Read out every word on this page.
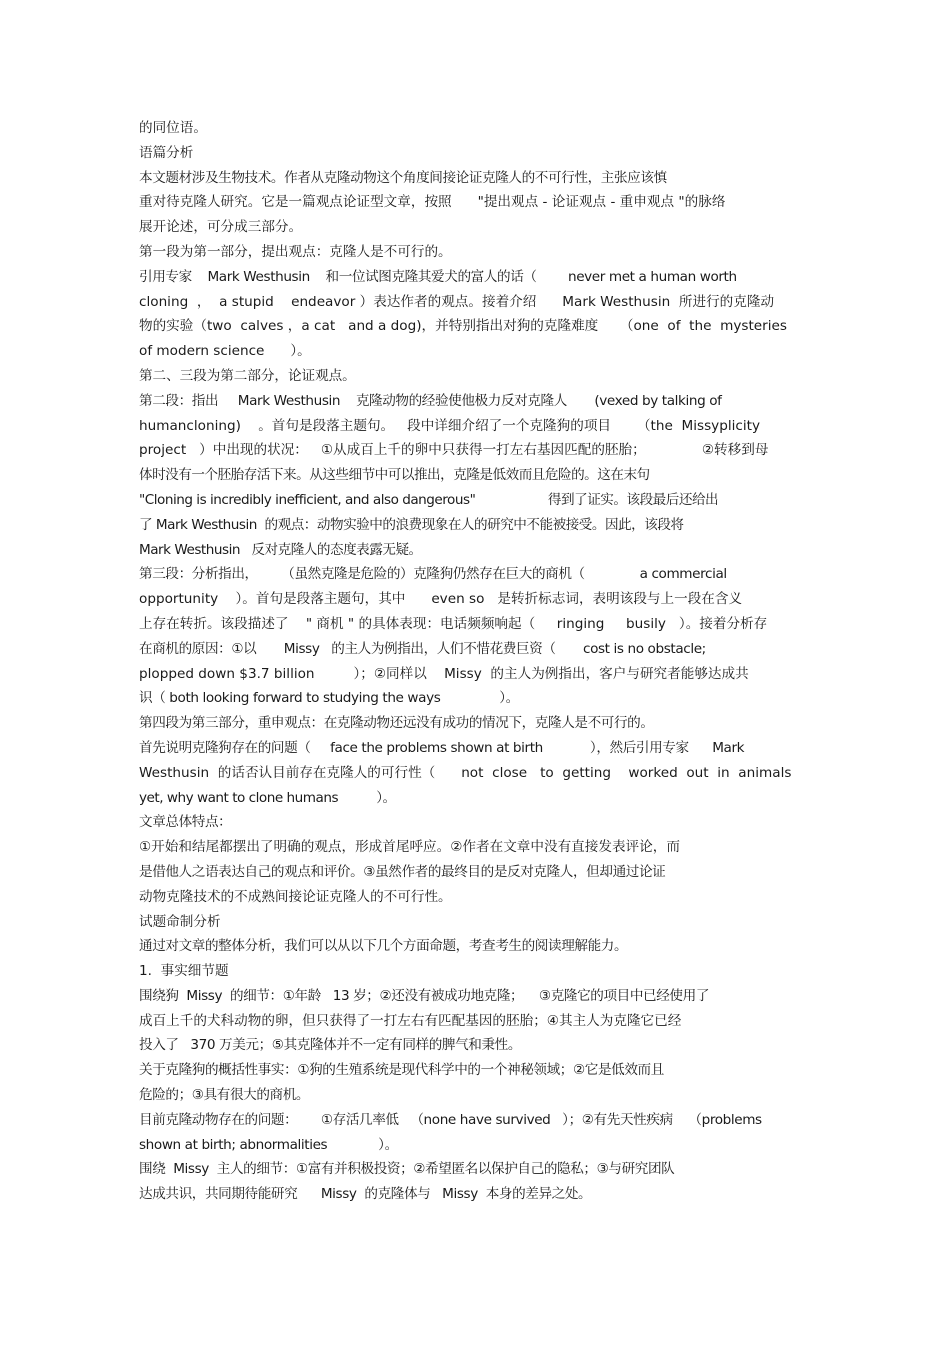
的同位语。
语篇分析
本文题材涉及生物技术。作者从克隆动物这个角度间接论证克隆人的不可行性，主张应该慎
重对待克隆人研究。它是一篇观点论证型文章，按照      "提出观点 - 论证观点 - 重申观点 "的脉络
展开论述，可分成三部分。
第一段为第一部分，提出观点：克隆人是不可行的。
引用专家    Mark Westhusin    和一位试图克隆其爱犬的富人的话（        never met a human worth
cloning  ，  a stupid    endeavor ）表达作者的观点。接着介绍      Mark Westhusin  所进行的克隆动
物的实验（two  calves ，a cat   and a dog)，并特别指出对狗的克隆难度     （one  of  the  mysteries
of modern science      ）。
第二、三段为第二部分，论证观点。
第二段：指出     Mark Westhusin    克隆动物的经验使他极力反对克隆人       (vexed by talking of
humancloning)    。首句是段落主题句。   段中详细介绍了一个克隆狗的项目      （the  Missyplicity
project   ）中出现的状况：   ①从成百上千的卵中只获得一打左右基因匹配的胚胎；             ②转移到母
体时没有一个胚胎存活下来。从这些细节中可以推出，克隆是低效而且危险的。这在末句
"Cloning is incredibly inefficient, and also dangerous"                   得到了证实。该段最后还给出
了 Mark Westhusin  的观点：动物实验中的浪费现象在人的研究中不能被接受。因此，该段将
Mark Westhusin   反对克隆人的态度表露无疑。
第三段：分析指出，      （虽然克隆是危险的）克隆狗仍然存在巨大的商机（              a commercial
opportunity    ）。首句是段落主题句，其中      even so   是转折标志词，表明该段与上一段在含义
上存在转折。该段描述了    " 商机 " 的具体表现：电话频频响起（     ringing     busily   ）。接着分析存
在商机的原因：①以       Missy   的主人为例指出，人们不惜花费巨资（       cost is no obstacle;
plopped down $3.7 billion         ）；②同样以    Missy  的主人为例指出，客户与研究者能够达成共
识（ both looking forward to studying the ways               ）。
第四段为第三部分，重申观点：在克隆动物还远没有成功的情况下，克隆人是不可行的。
首先说明克隆狗存在的问题（     face the problems shown at birth            ），然后引用专家      Mark
Westhusin  的话否认目前存在克隆人的可行性（      not  close   to  getting    worked  out  in  animals
yet, why want to clone humans          ）。
文章总体特点：
①开始和结尾都摆出了明确的观点，形成首尾呼应。②作者在文章中没有直接发表评论，而
是借他人之语表达自己的观点和评价。③虽然作者的最终目的是反对克隆人，但却通过论证
动物克隆技术的不成熟间接论证克隆人的不可行性。
试题命制分析
通过对文章的整体分析，我们可以从以下几个方面命题，考查考生的阅读理解能力。
1.  事实细节题
围绕狗  Missy  的细节：①年龄   13 岁；②还没有被成功地克隆；    ③克隆它的项目中已经使用了
成百上千的犬科动物的卵，但只获得了一打左右有匹配基因的胚胎；④其主人为克隆它已经
投入了   370 万美元；⑤其克隆体并不一定有同样的脾气和秉性。
关于克隆狗的概括性事实：①狗的生殖系统是现代科学中的一个神秘领域；②它是低效而且
危险的；③具有很大的商机。
目前克隆动物存在的问题：      ①存活几率低   （none have survived   ）；②有先天性疾病    （problems
shown at birth; abnormalities             ）。
围绕  Missy  主人的细节：①富有并积极投资；②希望匿名以保护自己的隐私；③与研究团队
达成共识，共同期待能研究      Missy  的克隆体与   Missy  本身的差异之处。
